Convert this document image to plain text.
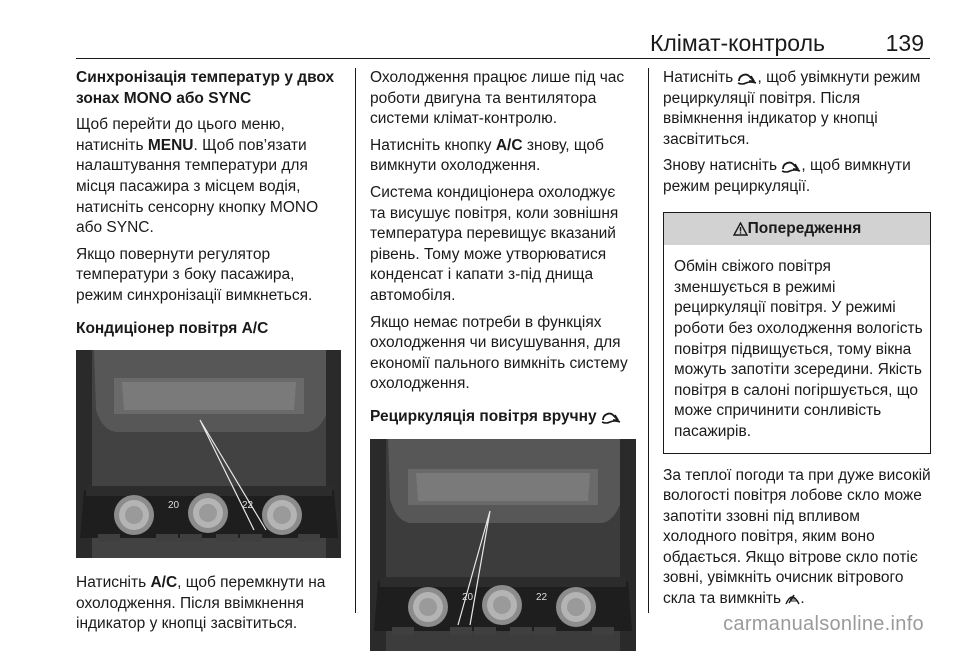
Клімат-контроль	139
Синхронізація температур у двох зонах MONO або SYNC

Щоб перейти до цього меню, натисніть MENU. Щоб пов’язати налаштування температури для місця пасажира з місцем водія, натисніть сенсорну кнопку MONO або SYNC.

Якщо повернути регулятор температури з боку пасажира, режим синхронізації вимкнеться.

Кондиціонер повітря A/C
20	22

Натисніть A/C, щоб перемкнути на охолодження. Після ввімкнення індикатор у кнопці засвітиться.

Охолодження працює лише під час роботи двигуна та вентилятора системи клімат-контролю.

Натисніть кнопку A/C знову, щоб вимкнути охолодження.

Система кондиціонера охолоджує та висушує повітря, коли зовнішня температура перевищує вказаний рівень. Тому може утворюватися конденсат і капати з-під днища автомобіля.

Якщо немає потреби в функціях охолодження чи висушування, для економії пального вимкніть систему охолодження.

Рециркуляція повітря вручну
20	22

Натисніть , щоб увімкнути режим рециркуляції повітря. Після ввімкнення індикатор у кнопці засвітиться.

Знову натисніть , щоб вимкнути режим рециркуляції.

Попередження
Обмін свіжого повітря зменшується в режимі рециркуляції повітря. У режимі роботи без охолодження вологість повітря підвищується, тому вікна можуть запотіти зсередини. Якість повітря в салоні погіршується, що може спричинити сонливість пасажирів.

За теплої погоди та при дуже високій вологості повітря лобове скло може запотіти ззовні під впливом холодного повітря, яким воно обдається. Якщо вітрове скло потіє зовні, увімкніть очисник вітрового скла та вимкніть .

carmanualsonline.info
